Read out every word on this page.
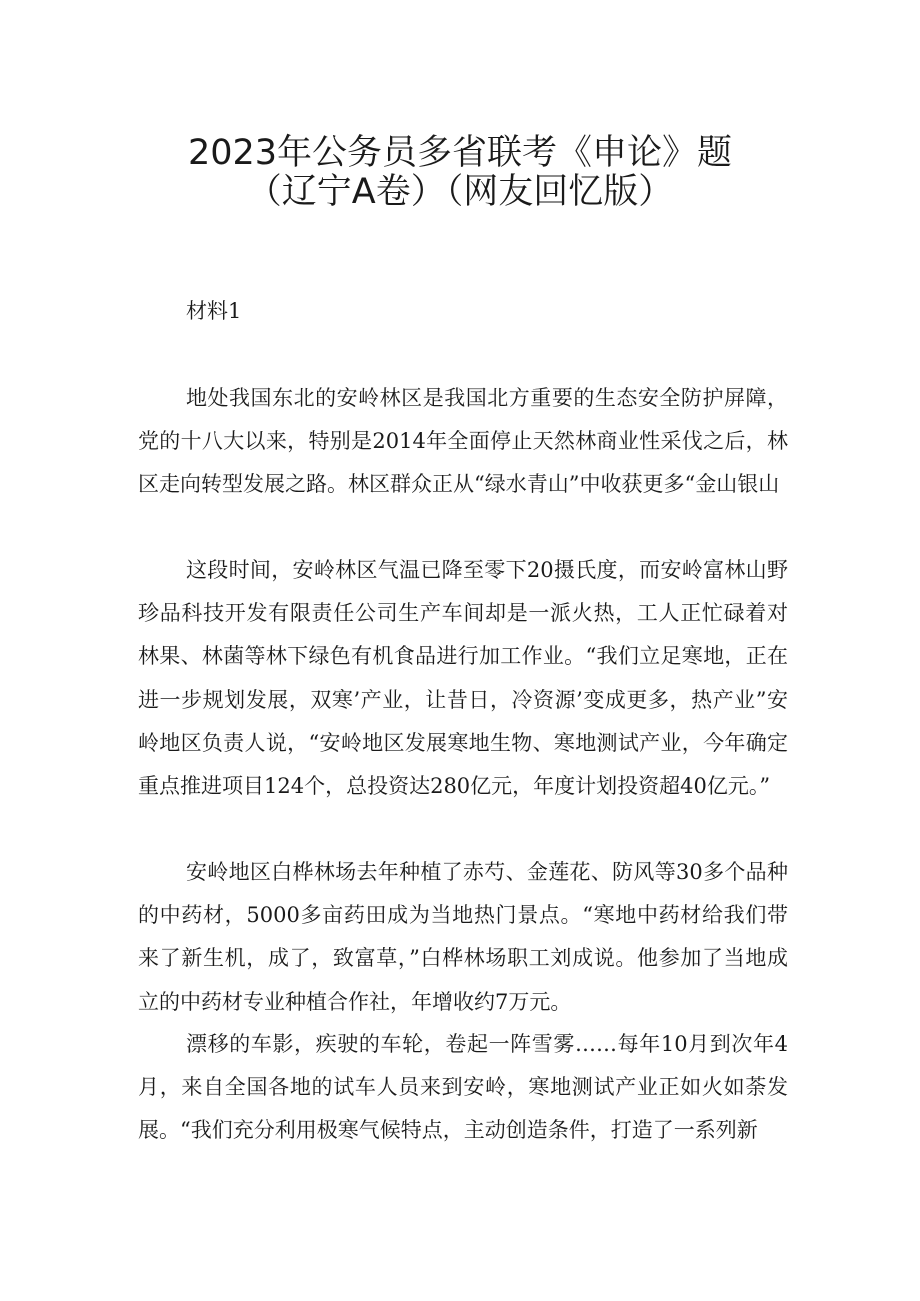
2023年公务员多省联考《申论》题
（辽宁A卷）（网友回忆版）
材料1

地处我国东北的安岭林区是我国北方重要的生态安全防护屏障，党的十八大以来，特别是2014年全面停止天然林商业性采伐之后，林区走向转型发展之路。林区群众正从“绿水青山”中收获更多“金山银山

这段时间，安岭林区气温已降至零下20摄氏度，而安岭富林山野珍品科技开发有限责任公司生产车间却是一派火热，工人正忙碌着对林果、林菌等林下绿色有机食品进行加工作业。“我们立足寒地，正在进一步规划发展，双寒’产业，让昔日，冷资源’变成更多，热产业”安岭地区负责人说，“安岭地区发展寒地生物、寒地测试产业，今年确定重点推进项目124个，总投资达280亿元，年度计划投资超40亿元。”

安岭地区白桦林场去年种植了赤芍、金莲花、防风等30多个品种的中药材，5000多亩药田成为当地热门景点。“寒地中药材给我们带来了新生机，成了，致富草，”白桦林场职工刘成说。他参加了当地成立的中药材专业种植合作社，年增收约7万元。

漂移的车影，疾驶的车轮，卷起一阵雪雾……每年10月到次年4月，来自全国各地的试车人员来到安岭，寒地测试产业正如火如荼发展。“我们充分利用极寒气候特点，主动创造条件，打造了一系列新
